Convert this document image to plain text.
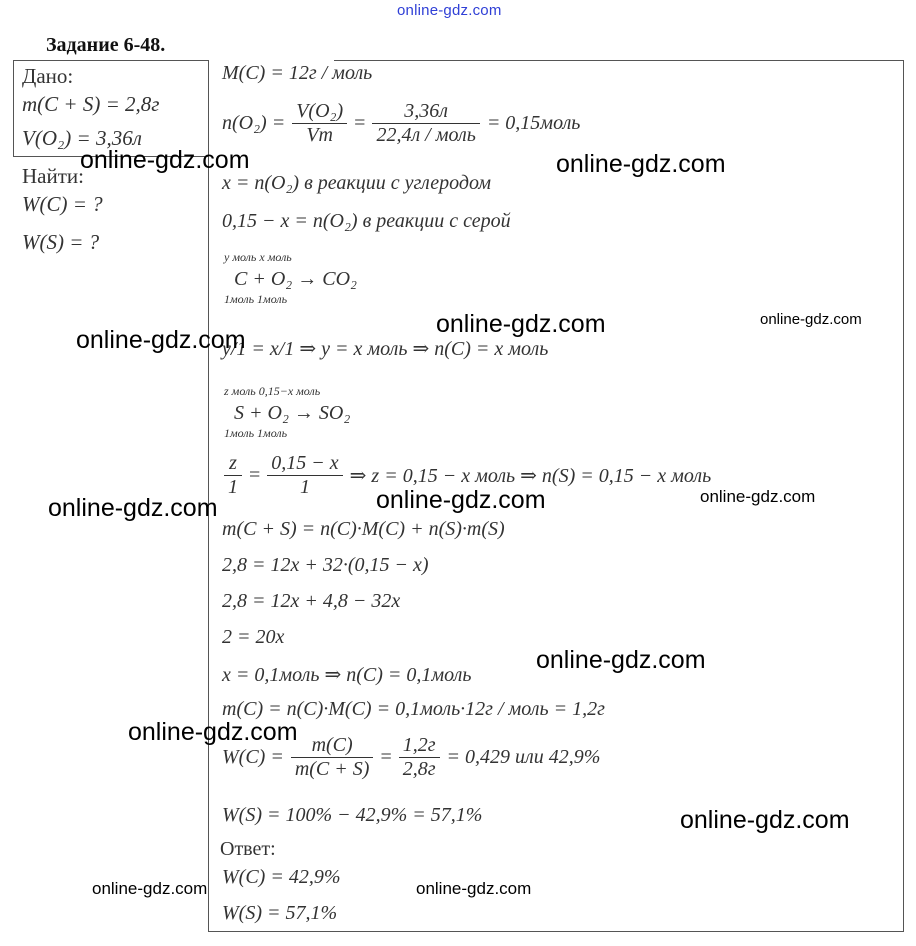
online-gdz.com
Задание 6-48.
Дано:
m(C + S) = 2,8г
V(O₂) = 3,36л
Найти:
W(C) = ?
W(S) = ?
M(C) = 12г / моль
$n(O_2) = \frac{\text{V(O₂)}}{Vm} = \frac{3,36л}{\text{22,4л / моль}}$ = 0,15моль
x = n(O₂) в реакции с углеродом
0,15 − x = n(O₂) в реакции с серой
y моль x моль
C + O₂ → CO₂
1моль 1моль
y/1 = x/1 ⇒ y = x моль ⇒ n(C) = x моль
z моль 0,15−x моль
S + O₂ → SO₂
1моль 1моль
$\frac{z}{1} = \frac{0,15 - x}{1}$ ⇒ z = 0,15 − x моль ⇒ n(S) = 0,15 − x моль
m(C + S) = n(C)·M(C) + n(S)·m(S)
2,8 = 12x + 32·(0,15 − x)
2,8 = 12x + 4,8 − 32x
2 = 20x
x = 0,1моль ⇒ n(C) = 0,1моль
m(C) = n(C)·M(C) = 0,1моль·12г / моль = 1,2г
$W(C) = \frac{m(C)}{m(C + S)} = \frac{1,2г}{2,8г} = 0,429$ или 42,9%
W(S) = 100% − 42,9% = 57,1%
Ответ:
W(C) = 42,9%
W(S) = 57,1%
online-gdz.com	online-gdz.com
online-gdz.com
online-gdz.com	online-gdz.com
online-gdz.com	online-gdz.com	online-gdz.com
online-gdz.com
online-gdz.com
online-gdz.com
online-gdz.com	online-gdz.com
